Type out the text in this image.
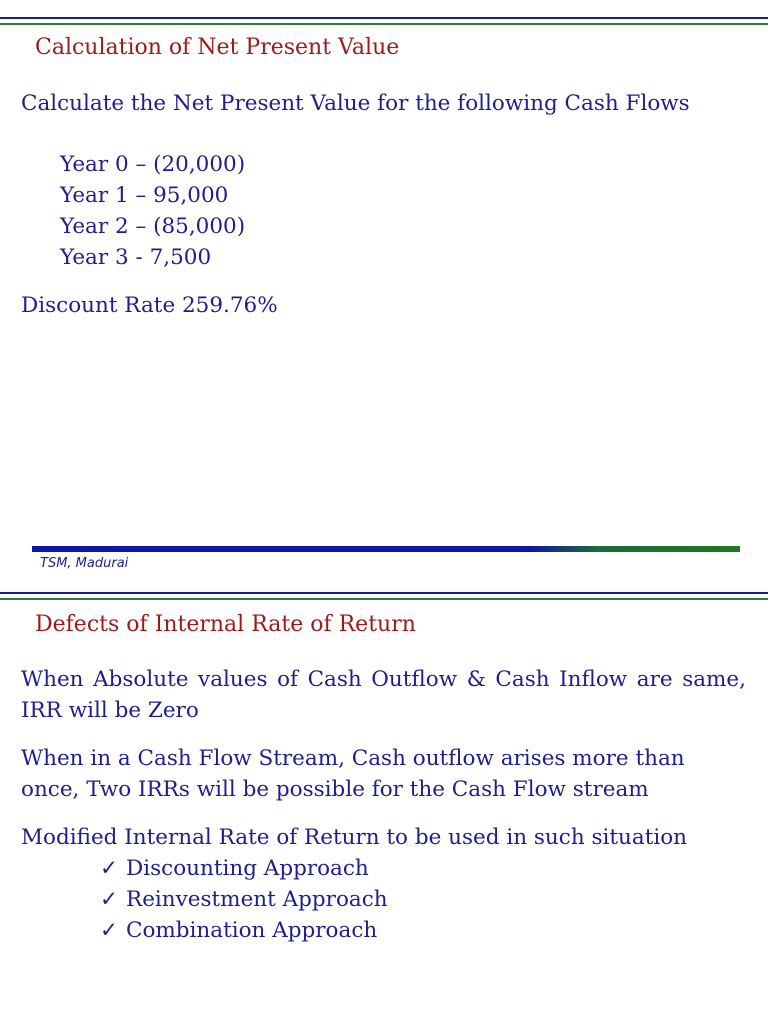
Calculation of Net Present Value

Calculate the Net Present Value for the following Cash Flows

Year 0 – (20,000)
Year 1 – 95,000
Year 2 – (85,000)
Year 3 - 7,500

Discount Rate 259.76%

TSM, Madurai
Defects of Internal Rate of Return

When Absolute values of Cash Outflow & Cash Inflow are same, IRR will be Zero

When in a Cash Flow Stream, Cash outflow arises more than once, Two IRRs will be possible for the Cash Flow stream

Modified Internal Rate of Return to be used in such situation

✓ Discounting Approach
✓ Reinvestment Approach
✓ Combination Approach
